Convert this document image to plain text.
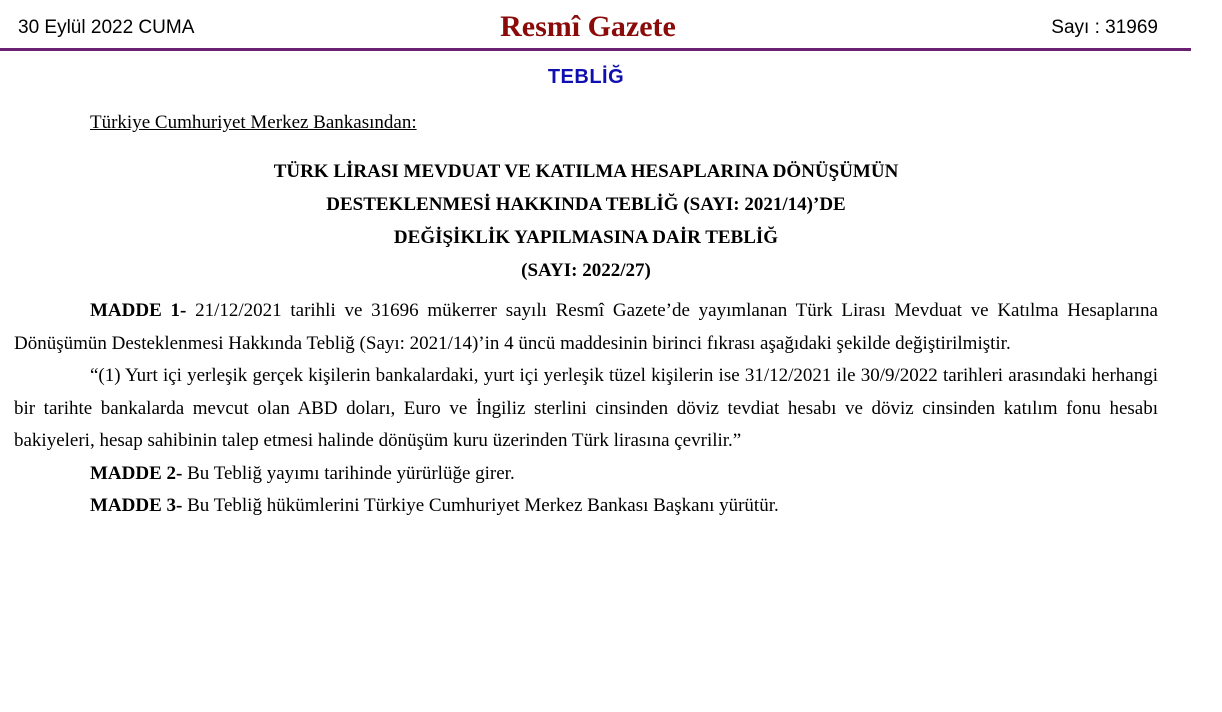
30 Eylül 2022 CUMA	Resmî Gazete	Sayı : 31969
TEBLİĞ

Türkiye Cumhuriyet Merkez Bankasından:

TÜRK LİRASI MEVDUAT VE KATILMA HESAPLARINA DÖNÜŞÜMÜN
DESTEKLENMESİ HAKKINDA TEBLİĞ (SAYI: 2021/14)’DE
DEĞİŞİKLİK YAPILMASINA DAİR TEBLİĞ
(SAYI: 2022/27)

MADDE 1- 21/12/2021 tarihli ve 31696 mükerrer sayılı Resmî Gazete’de yayımlanan Türk Lirası Mevduat ve Katılma Hesaplarına Dönüşümün Desteklenmesi Hakkında Tebliğ (Sayı: 2021/14)’in 4 üncü maddesinin birinci fıkrası aşağıdaki şekilde değiştirilmiştir.

“(1) Yurt içi yerleşik gerçek kişilerin bankalardaki, yurt içi yerleşik tüzel kişilerin ise 31/12/2021 ile 30/9/2022 tarihleri arasındaki herhangi bir tarihte bankalarda mevcut olan ABD doları, Euro ve İngiliz sterlini cinsinden döviz tevdiat hesabı ve döviz cinsinden katılım fonu hesabı bakiyeleri, hesap sahibinin talep etmesi halinde dönüşüm kuru üzerinden Türk lirasına çevrilir.”

MADDE 2- Bu Tebliğ yayımı tarihinde yürürlüğe girer.

MADDE 3- Bu Tebliğ hükümlerini Türkiye Cumhuriyet Merkez Bankası Başkanı yürütür.
